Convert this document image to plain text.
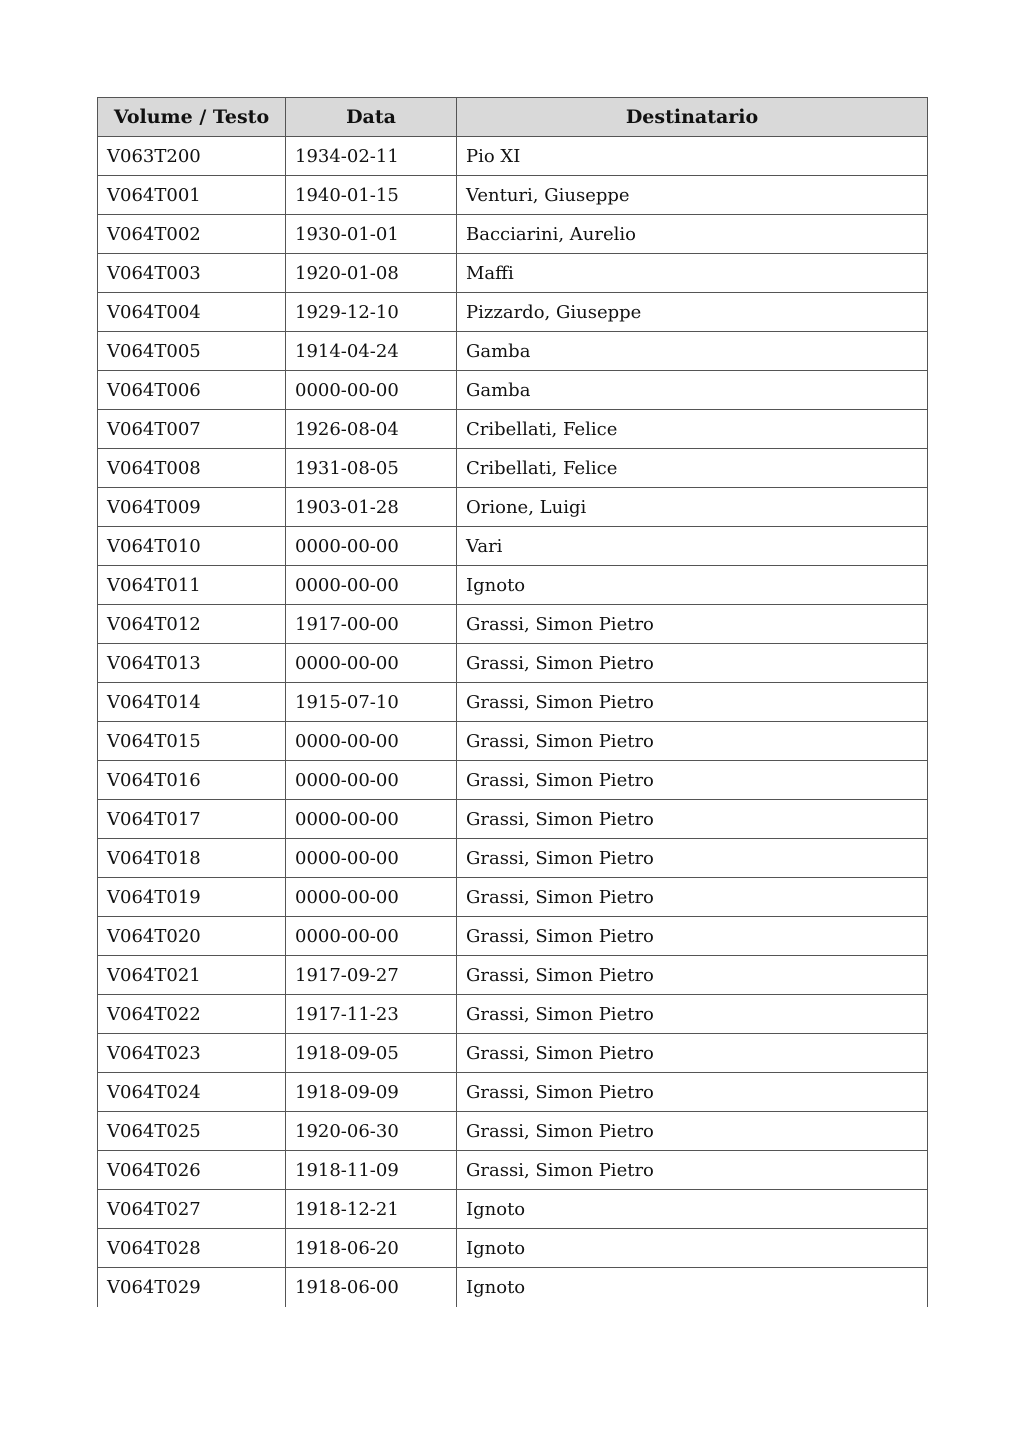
Volume / Testo	Data	Destinatario
V063T200	1934-02-11	Pio XI
V064T001	1940-01-15	Venturi, Giuseppe
V064T002	1930-01-01	Bacciarini, Aurelio
V064T003	1920-01-08	Maffi
V064T004	1929-12-10	Pizzardo, Giuseppe
V064T005	1914-04-24	Gamba
V064T006	0000-00-00	Gamba
V064T007	1926-08-04	Cribellati, Felice
V064T008	1931-08-05	Cribellati, Felice
V064T009	1903-01-28	Orione, Luigi
V064T010	0000-00-00	Vari
V064T011	0000-00-00	Ignoto
V064T012	1917-00-00	Grassi, Simon Pietro
V064T013	0000-00-00	Grassi, Simon Pietro
V064T014	1915-07-10	Grassi, Simon Pietro
V064T015	0000-00-00	Grassi, Simon Pietro
V064T016	0000-00-00	Grassi, Simon Pietro
V064T017	0000-00-00	Grassi, Simon Pietro
V064T018	0000-00-00	Grassi, Simon Pietro
V064T019	0000-00-00	Grassi, Simon Pietro
V064T020	0000-00-00	Grassi, Simon Pietro
V064T021	1917-09-27	Grassi, Simon Pietro
V064T022	1917-11-23	Grassi, Simon Pietro
V064T023	1918-09-05	Grassi, Simon Pietro
V064T024	1918-09-09	Grassi, Simon Pietro
V064T025	1920-06-30	Grassi, Simon Pietro
V064T026	1918-11-09	Grassi, Simon Pietro
V064T027	1918-12-21	Ignoto
V064T028	1918-06-20	Ignoto
V064T029	1918-06-00	Ignoto
